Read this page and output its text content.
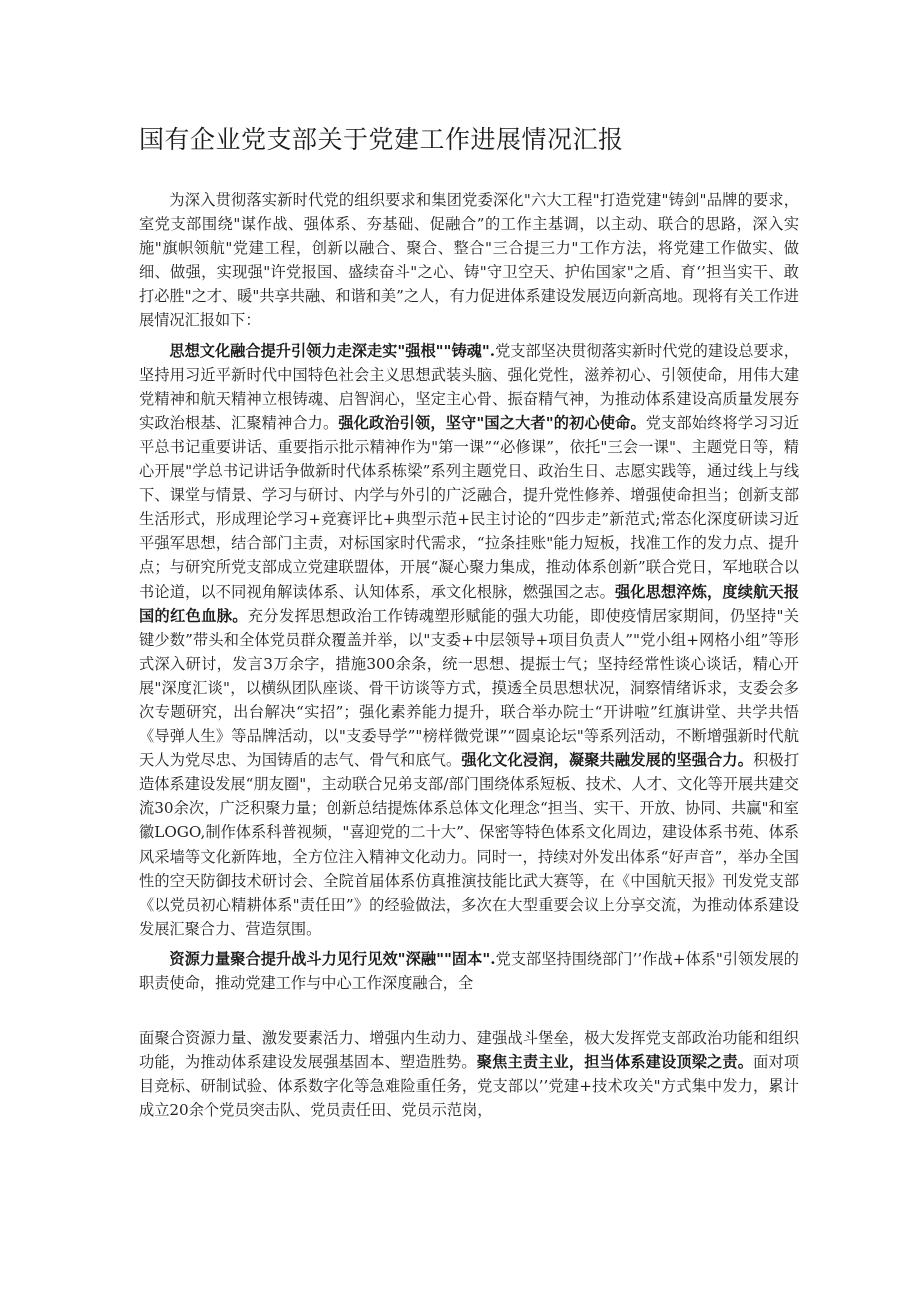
国有企业党支部关于党建工作进展情况汇报

为深入贯彻落实新时代党的组织要求和集团党委深化"六大工程"打造党建"铸剑"品牌的要求，室党支部围绕"谋作战、强体系、夯基础、促融合”的工作主基调，以主动、联合的思路，深入实施"旗帜领航"党建工程，创新以融合、聚合、整合"三合提三力"工作方法，将党建工作做实、做细、做强，实现强"许党报国、盛续奋斗"之心、铸"守卫空天、护佑国家"之盾、育‘’担当实干、敢打必胜"之才、暖"共享共融、和谐和美”之人，有力促进体系建设发展迈向新高地。现将有关工作进展情况汇报如下：

思想文化融合提升引领力走深走实"强根""铸魂".党支部坚决贯彻落实新时代党的建设总要求，坚持用习近平新时代中国特色社会主义思想武装头脑、强化党性，滋养初心、引领使命，用伟大建党精神和航天精神立根铸魂、启智润心，坚定主心骨、振奋精气神，为推动体系建设高质量发展夯实政治根基、汇聚精神合力。强化政治引领，坚守"国之大者"的初心使命。党支部始终将学习习近平总书记重要讲话、重要指示批示精神作为"第一课”“必修课”，依托"三会一课"、主题党日等，精心开展"学总书记讲话争做新时代体系栋梁”系列主题党日、政治生日、志愿实践等，通过线上与线下、课堂与情景、学习与研讨、内学与外引的广泛融合，提升党性修养、增强使命担当；创新支部生活形式，形成理论学习+竞赛评比+典型示范+民主讨论的“四步走”新范式;常态化深度研读习近平强军思想，结合部门主责，对标国家时代需求，“拉条挂账"能力短板，找准工作的发力点、提升点；与研究所党支部成立党建联盟体，开展“凝心聚力集成，推动体系创新”联合党日，军地联合以书论道，以不同视角解读体系、认知体系，承文化根脉，燃强国之志。强化思想淬炼，度续航天报国的红色血脉。充分发挥思想政治工作铸魂塑形赋能的强大功能，即使疫情居家期间，仍坚持"关键少数”带头和全体党员群众覆盖并举，以"支委+中层领导+项目负责人”"党小组+网格小组”等形式深入研讨，发言3万余字，措施300余条，统一思想、提振士气；坚持经常性谈心谈话，精心开展"深度汇谈"，以横纵团队座谈、骨干访谈等方式，摸透全员思想状况，洞察情绪诉求，支委会多次专题研究，出台解决“实招”；强化素养能力提升，联合举办院士“开讲啦”红旗讲堂、共学共悟《导弹人生》等品牌活动，以"支委导学”"榜样微党课”“圆桌论坛"等系列活动，不断增强新时代航天人为党尽忠、为国铸盾的志气、骨气和底气。强化文化浸润，凝聚共融发展的坚强合力。积极打造体系建设发展“朋友圈"，主动联合兄弟支部/部门围绕体系短板、技术、人才、文化等开展共建交流30余次，广泛积聚力量；创新总结提炼体系总体文化理念“担当、实干、开放、协同、共赢"和室徽LOGO,制作体系科普视频，"喜迎党的二十大”、保密等特色体系文化周边，建设体系书苑、体系风采墙等文化新阵地，全方位注入精神文化动力。同时一，持续对外发出体系“好声音”，举办全国性的空天防御技术研讨会、全院首届体系仿真推演技能比武大赛等，在《中国航天报》刊发党支部《以党员初心精耕体系"责任田”》的经验做法，多次在大型重要会议上分享交流，为推动体系建设发展汇聚合力、营造氛围。

资源力量聚合提升战斗力见行见效"深融""固本".党支部坚持围绕部门’’作战+体系"引领发展的职责使命，推动党建工作与中心工作深度融合，全

面聚合资源力量、激发要素活力、增强内生动力、建强战斗堡垒，极大发挥党支部政治功能和组织功能，为推动体系建设发展强基固本、塑造胜势。聚焦主责主业，担当体系建设顶梁之责。面对项目竞标、研制试验、体系数字化等急难险重任务，党支部以’’党建+技术攻关"方式集中发力，累计成立20余个党员突击队、党员责任田、党员示范岗，
